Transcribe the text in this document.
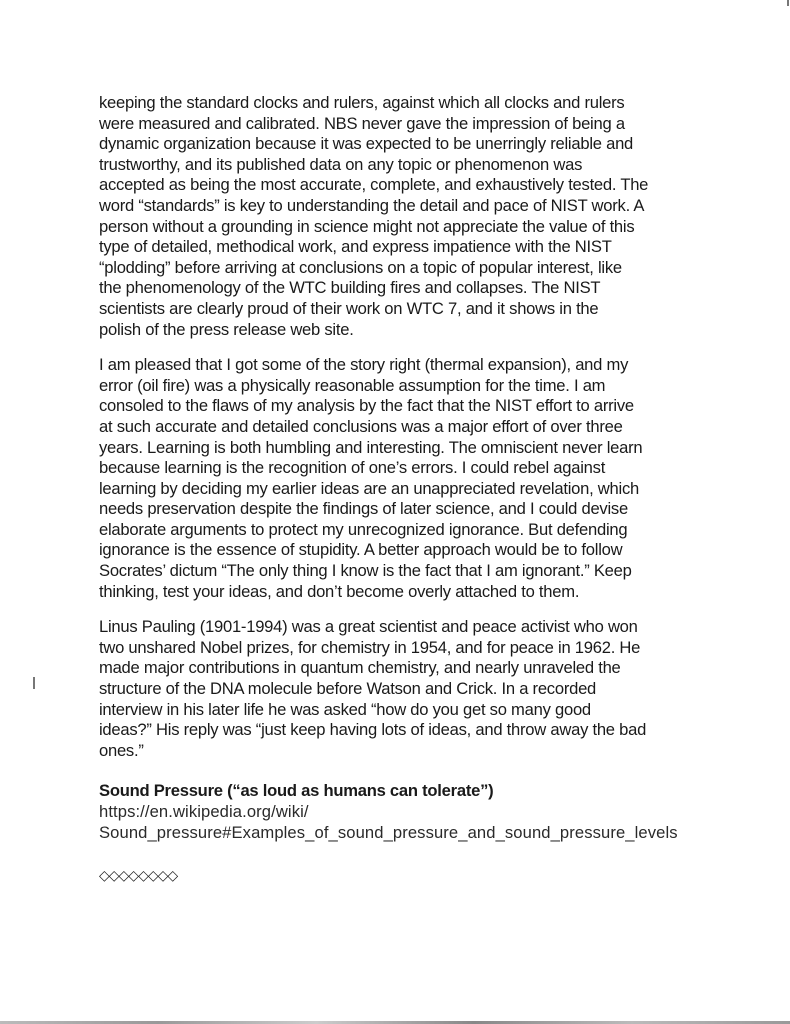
keeping the standard clocks and rulers, against which all clocks and rulers
were measured and calibrated. NBS never gave the impression of being a
dynamic organization because it was expected to be unerringly reliable and
trustworthy, and its published data on any topic or phenomenon was
accepted as being the most accurate, complete, and exhaustively tested. The
word “standards” is key to understanding the detail and pace of NIST work. A
person without a grounding in science might not appreciate the value of this
type of detailed, methodical work, and express impatience with the NIST
“plodding” before arriving at conclusions on a topic of popular interest, like
the phenomenology of the WTC building fires and collapses. The NIST
scientists are clearly proud of their work on WTC 7, and it shows in the
polish of the press release web site.
I am pleased that I got some of the story right (thermal expansion), and my
error (oil fire) was a physically reasonable assumption for the time. I am
consoled to the flaws of my analysis by the fact that the NIST effort to arrive
at such accurate and detailed conclusions was a major effort of over three
years. Learning is both humbling and interesting. The omniscient never learn
because learning is the recognition of one’s errors. I could rebel against
learning by deciding my earlier ideas are an unappreciated revelation, which
needs preservation despite the findings of later science, and I could devise
elaborate arguments to protect my unrecognized ignorance. But defending
ignorance is the essence of stupidity. A better approach would be to follow
Socrates’ dictum “The only thing I know is the fact that I am ignorant.” Keep
thinking, test your ideas, and don’t become overly attached to them.
Linus Pauling (1901-1994) was a great scientist and peace activist who won
two unshared Nobel prizes, for chemistry in 1954, and for peace in 1962. He
made major contributions in quantum chemistry, and nearly unraveled the
structure of the DNA molecule before Watson and Crick. In a recorded
interview in his later life he was asked “how do you get so many good
ideas?” His reply was “just keep having lots of ideas, and throw away the bad
ones.”

Sound Pressure (“as loud as humans can tolerate”)

https://en.wikipedia.org/wiki/
Sound_pressure#Examples_of_sound_pressure_and_sound_pressure_levels
◇◇◇◇◇◇◇◇
